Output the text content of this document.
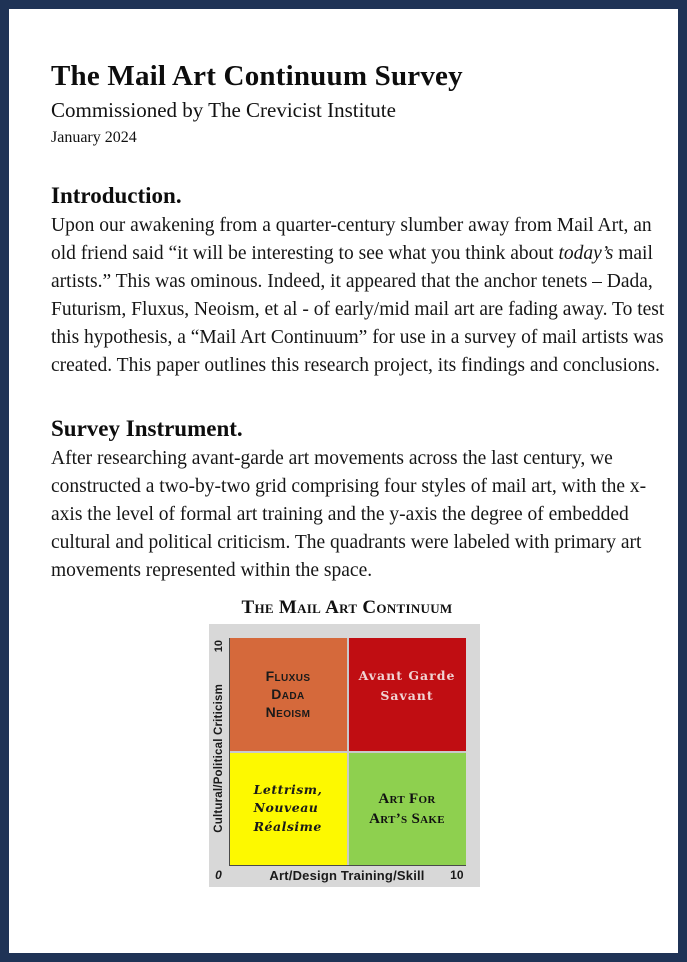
The Mail Art Continuum Survey
Commissioned by The Crevicist Institute
January 2024
Introduction.

Upon our awakening from a quarter-century slumber away from Mail Art, an old friend said “it will be interesting to see what you think about today’s mail artists.” This was ominous. Indeed, it appeared that the anchor tenets – Dada, Futurism, Fluxus, Neoism, et al - of early/mid mail art are fading away. To test this hypothesis, a “Mail Art Continuum” for use in a survey of mail artists was created. This paper outlines this research project, its findings and conclusions.

Survey Instrument.

After researching avant-garde art movements across the last century, we constructed a two-by-two grid comprising four styles of mail art, with the x-axis the level of formal art training and the y-axis the degree of embedded cultural and political criticism. The quadrants were labeled with primary art movements represented within the space.

The Mail Art Continuum
10
Cultural/Political Criticism
Fluxus
Dada
Neoism
Avant Garde
Savant
Lettrism,
Nouveau
Réalsime
Art For
Art’s Sake
0	Art/Design Training/Skill	10
